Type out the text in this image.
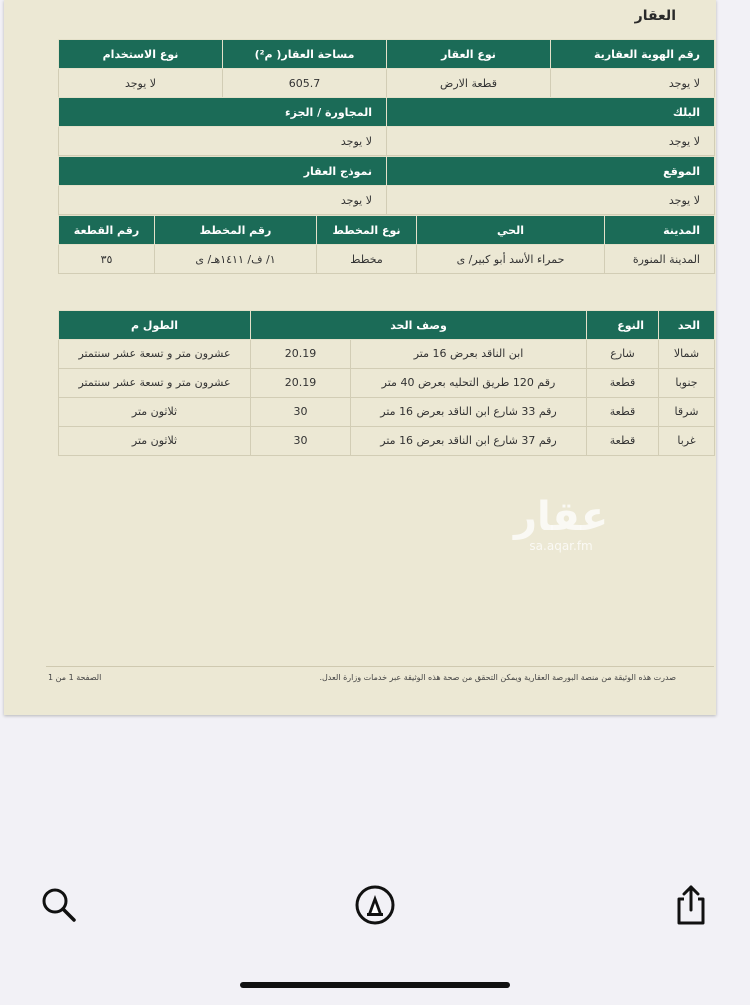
العقار
رقم الهوية العقارية	نوع العقار	مساحة العقار( م²)	نوع الاستخدام
لا يوجد	قطعة الارض	605.7	لا يوجد
البلك	المجاورة / الجزء
لا يوجد	لا يوجد
الموقع	نموذج العقار
لا يوجد	لا يوجد
المدينة	الحي	نوع المخطط	رقم المخطط	رقم القطعة
المدينة المنورة	حمراء الأسد أبو كبير/ ى	مخطط	١/ ف/ ١٤١١هـ/ ى	٣٥
الحد	النوع	وصف الحد		الطول م
شمالا	شارع	ابن الناقد بعرض 16 متر	20.19	عشرون متر و تسعة عشر سنتمتر
جنوبا	قطعة	رقم 120 طريق التحليه بعرض 40 متر	20.19	عشرون متر و تسعة عشر سنتمتر
شرقا	قطعة	رقم 33 شارع ابن الناقد بعرض 16 متر	30	ثلاثون متر
غربا	قطعة	رقم 37 شارع ابن الناقد بعرض 16 متر	30	ثلاثون متر
عقار
sa.aqar.fm
صدرت هذه الوثيقة من منصة البورصة العقارية ويمكن التحقق من صحة هذه الوثيقة عبر خدمات وزارة العدل.
الصفحة 1 من 1
